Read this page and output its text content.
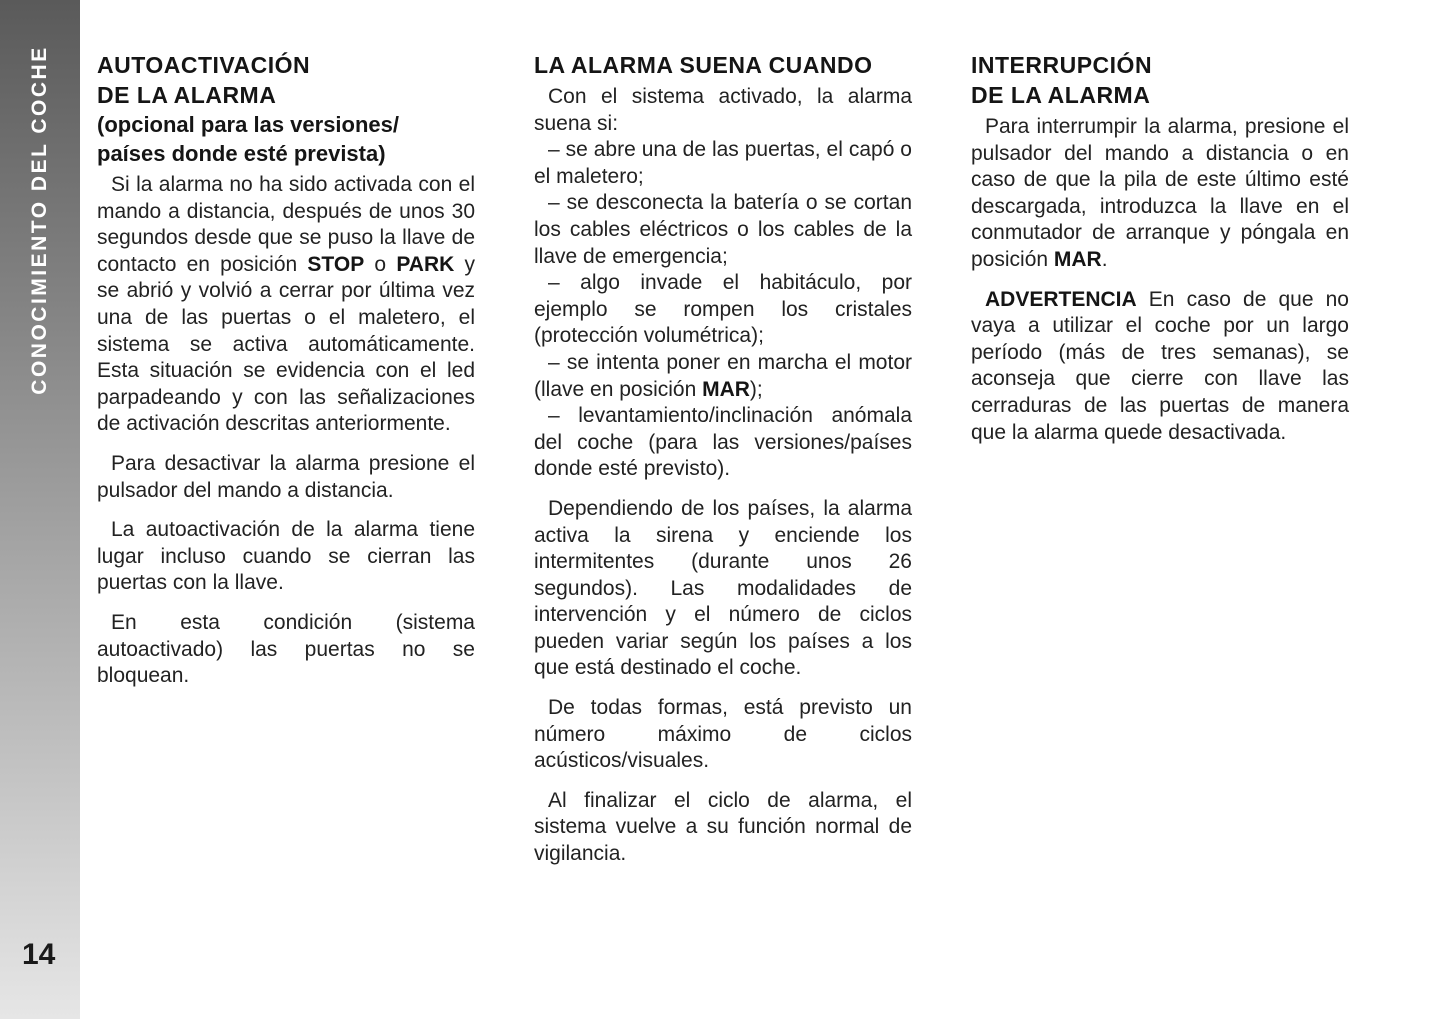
CONOCIMIENTO DEL COCHE
14
AUTOACTIVACIÓN
DE LA ALARMA
(opcional para las versiones/
países donde esté prevista)

Si la alarma no ha sido activada con el mando a distancia, después de unos 30 segundos desde que se puso la llave de contacto en posición STOP o PARK y se abrió y volvió a cerrar por última vez una de las puertas o el maletero, el sistema se activa automáticamente. Esta situación se evidencia con el led parpadeando y con las señalizaciones de activación descritas anteriormente.

Para desactivar la alarma presione el pulsador del mando a distancia.

La autoactivación de la alarma tiene lugar incluso cuando se cierran las puertas con la llave.

En esta condición (sistema autoactivado) las puertas no se bloquean.

LA ALARMA SUENA CUANDO

Con el sistema activado, la alarma suena si:

– se abre una de las puertas, el capó o el maletero;

– se desconecta la batería o se cortan los cables eléctricos o los cables de la llave de emergencia;

– algo invade el habitáculo, por ejemplo se rompen los cristales (protección volumétrica);

– se intenta poner en marcha el motor (llave en posición MAR);

– levantamiento/inclinación anómala del coche (para las versiones/países donde esté previsto).

Dependiendo de los países, la alarma activa la sirena y enciende los intermitentes (durante unos 26 segundos). Las modalidades de intervención y el número de ciclos pueden variar según los países a los que está destinado el coche.

De todas formas, está previsto un número máximo de ciclos acústicos/visuales.

Al finalizar el ciclo de alarma, el sistema vuelve a su función normal de vigilancia.

INTERRUPCIÓN
DE LA ALARMA

Para interrumpir la alarma, presione el pulsador del mando a distancia o en caso de que la pila de este último esté descargada, introduzca la llave en el conmutador de arranque y póngala en posición MAR.

ADVERTENCIA En caso de que no vaya a utilizar el coche por un largo período (más de tres semanas), se aconseja que cierre con llave las cerraduras de las puertas de manera que la alarma quede desactivada.
